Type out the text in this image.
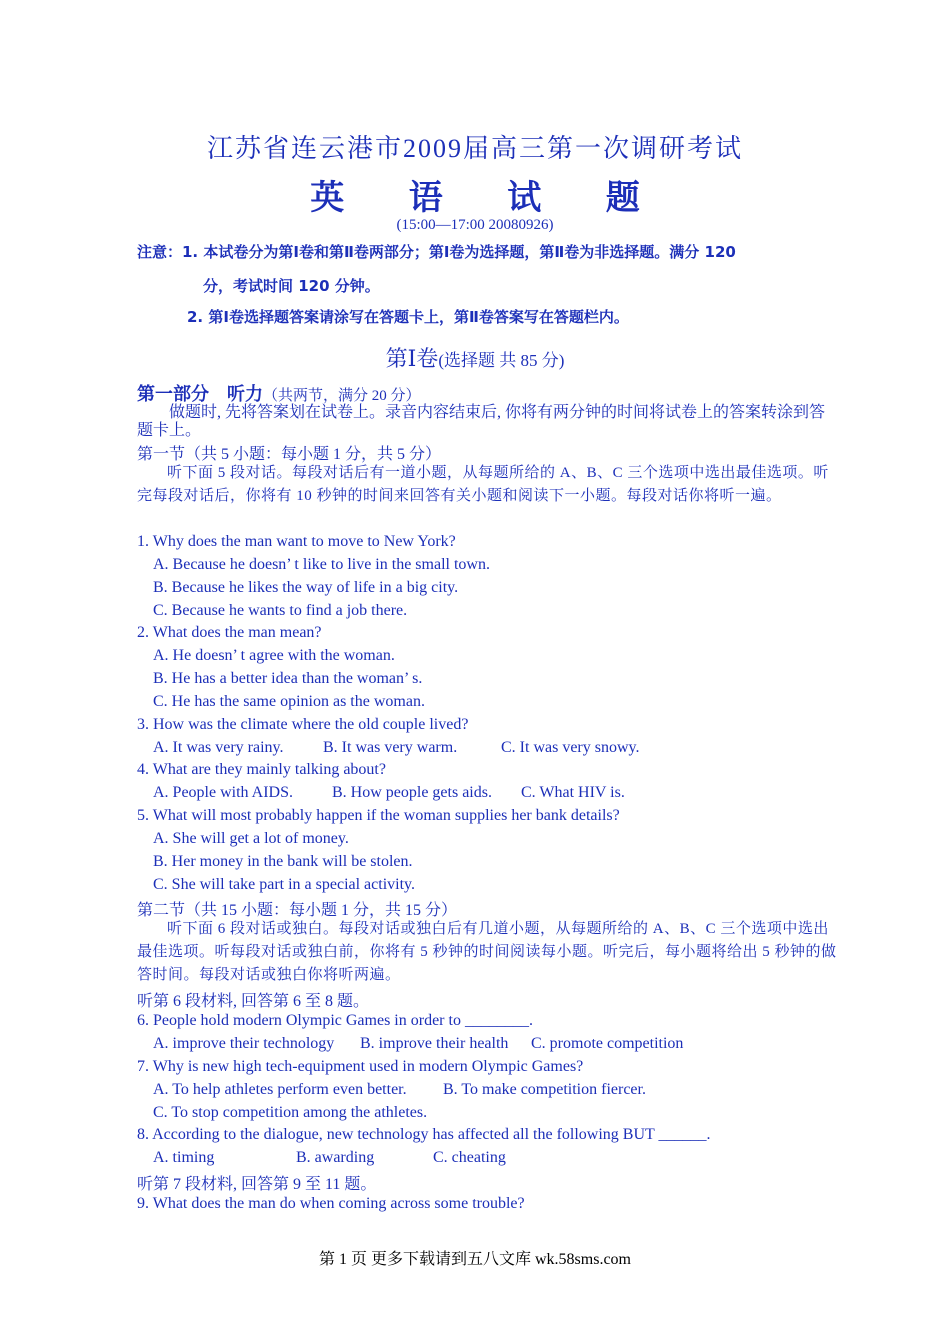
江苏省连云港市2009届高三第一次调研考试
英 语 试 题
(15:00—17:00 20080926)
注意：1. 本试卷分为第Ⅰ卷和第Ⅱ卷两部分；第Ⅰ卷为选择题，第Ⅱ卷为非选择题。满分 120
分，考试时间 120 分钟。
2. 第Ⅰ卷选择题答案请涂写在答题卡上，第Ⅱ卷答案写在答题栏内。
第Ⅰ卷(选择题 共 85 分)
第一部分　听力（共两节，满分 20 分）
做题时, 先将答案划在试卷上。录音内容结束后, 你将有两分钟的时间将试卷上的答案转涂到答题卡上。
第一节（共 5 小题：每小题 1 分，共 5 分）
听下面 5 段对话。每段对话后有一道小题，从每题所给的 A、B、C 三个选项中选出最佳选项。听完每段对话后，你将有 10 秒钟的时间来回答有关小题和阅读下一小题。每段对话你将听一遍。
1. Why does the man want to move to New York?
A. Because he doesn’ t like to live in the small town.
B. Because he likes the way of life in a big city.
C. Because he wants to find a job there.
2. What does the man mean?
A. He doesn’ t agree with the woman.
B. He has a better idea than the woman’ s.
C. He has the same opinion as the woman.
3. How was the climate where the old couple lived?
A. It was very rainy. B. It was very warm.	C. It was very snowy.
4. What are they mainly talking about?
A. People with AIDS. B. How people gets aids. C. What HIV is.
5. What will most probably happen if the woman supplies her bank details?
A. She will get a lot of money.
B. Her money in the bank will be stolen.
C. She will take part in a special activity.
第二节（共 15 小题：每小题 1 分，共 15 分）
听下面 6 段对话或独白。每段对话或独白后有几道小题，从每题所给的 A、B、C 三个选项中选出最佳选项。听每段对话或独白前，你将有 5 秒钟的时间阅读每小题。听完后，每小题将给出 5 秒钟的做答时间。每段对话或独白你将听两遍。
听第 6 段材料, 回答第 6 至 8 题。
6. People hold modern Olympic Games in order to ________.
A. improve their technology B. improve their health C. promote competition
7. Why is new high tech-equipment used in modern Olympic Games?
A. To help athletes perform even better. B. To make competition fiercer.
C. To stop competition among the athletes.
8. According to the dialogue, new technology has affected all the following BUT ______.
A. timing	B. awarding	C. cheating
听第 7 段材料, 回答第 9 至 11 题。
9. What does the man do when coming across some trouble?
第 1 页 更多下载请到五八文库 wk.58sms.com
